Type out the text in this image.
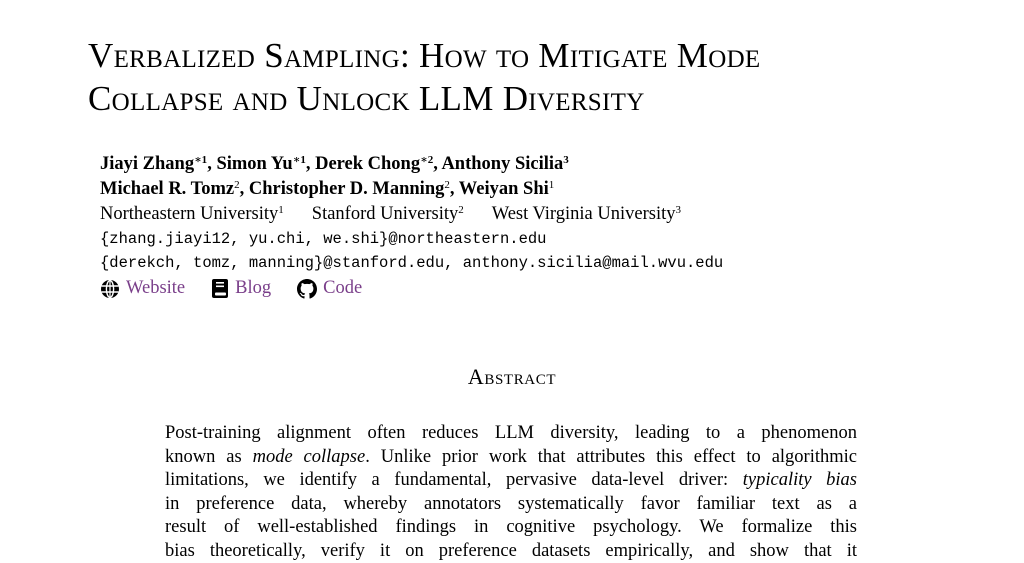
Verbalized Sampling: How to Mitigate Mode
Collapse and Unlock LLM Diversity
Jiayi Zhang$^{∗1}$, Simon $Yu^{∗1}$, Derek Chong$^{∗2}$, Anthony Sicilia$^3$
Michael R. Tomz$^2$, Christopher D. Manning$^2$, Weiyan Shi$^1$
Northeastern University$^1$ Stanford University$^2$ West Virginia University$^3$
{zhang.jiayi12, yu.chi, we.shi}@northeastern.edu
{derekch, tomz, manning}@stanford.edu, anthony.sicilia@mail.wvu.edu
Website	Blog	Code
Abstract
Post-training alignment often reduces LLM diversity, leading to a phenomenon
known as mode collapse. Unlike prior work that attributes this effect to algorithmic
limitations, we identify a fundamental, pervasive data-level driver: typicality bias
in preference data, whereby annotators systematically favor familiar text as a
result of well-established findings in cognitive psychology. We formalize this
bias theoretically, verify it on preference datasets empirically, and show that it
